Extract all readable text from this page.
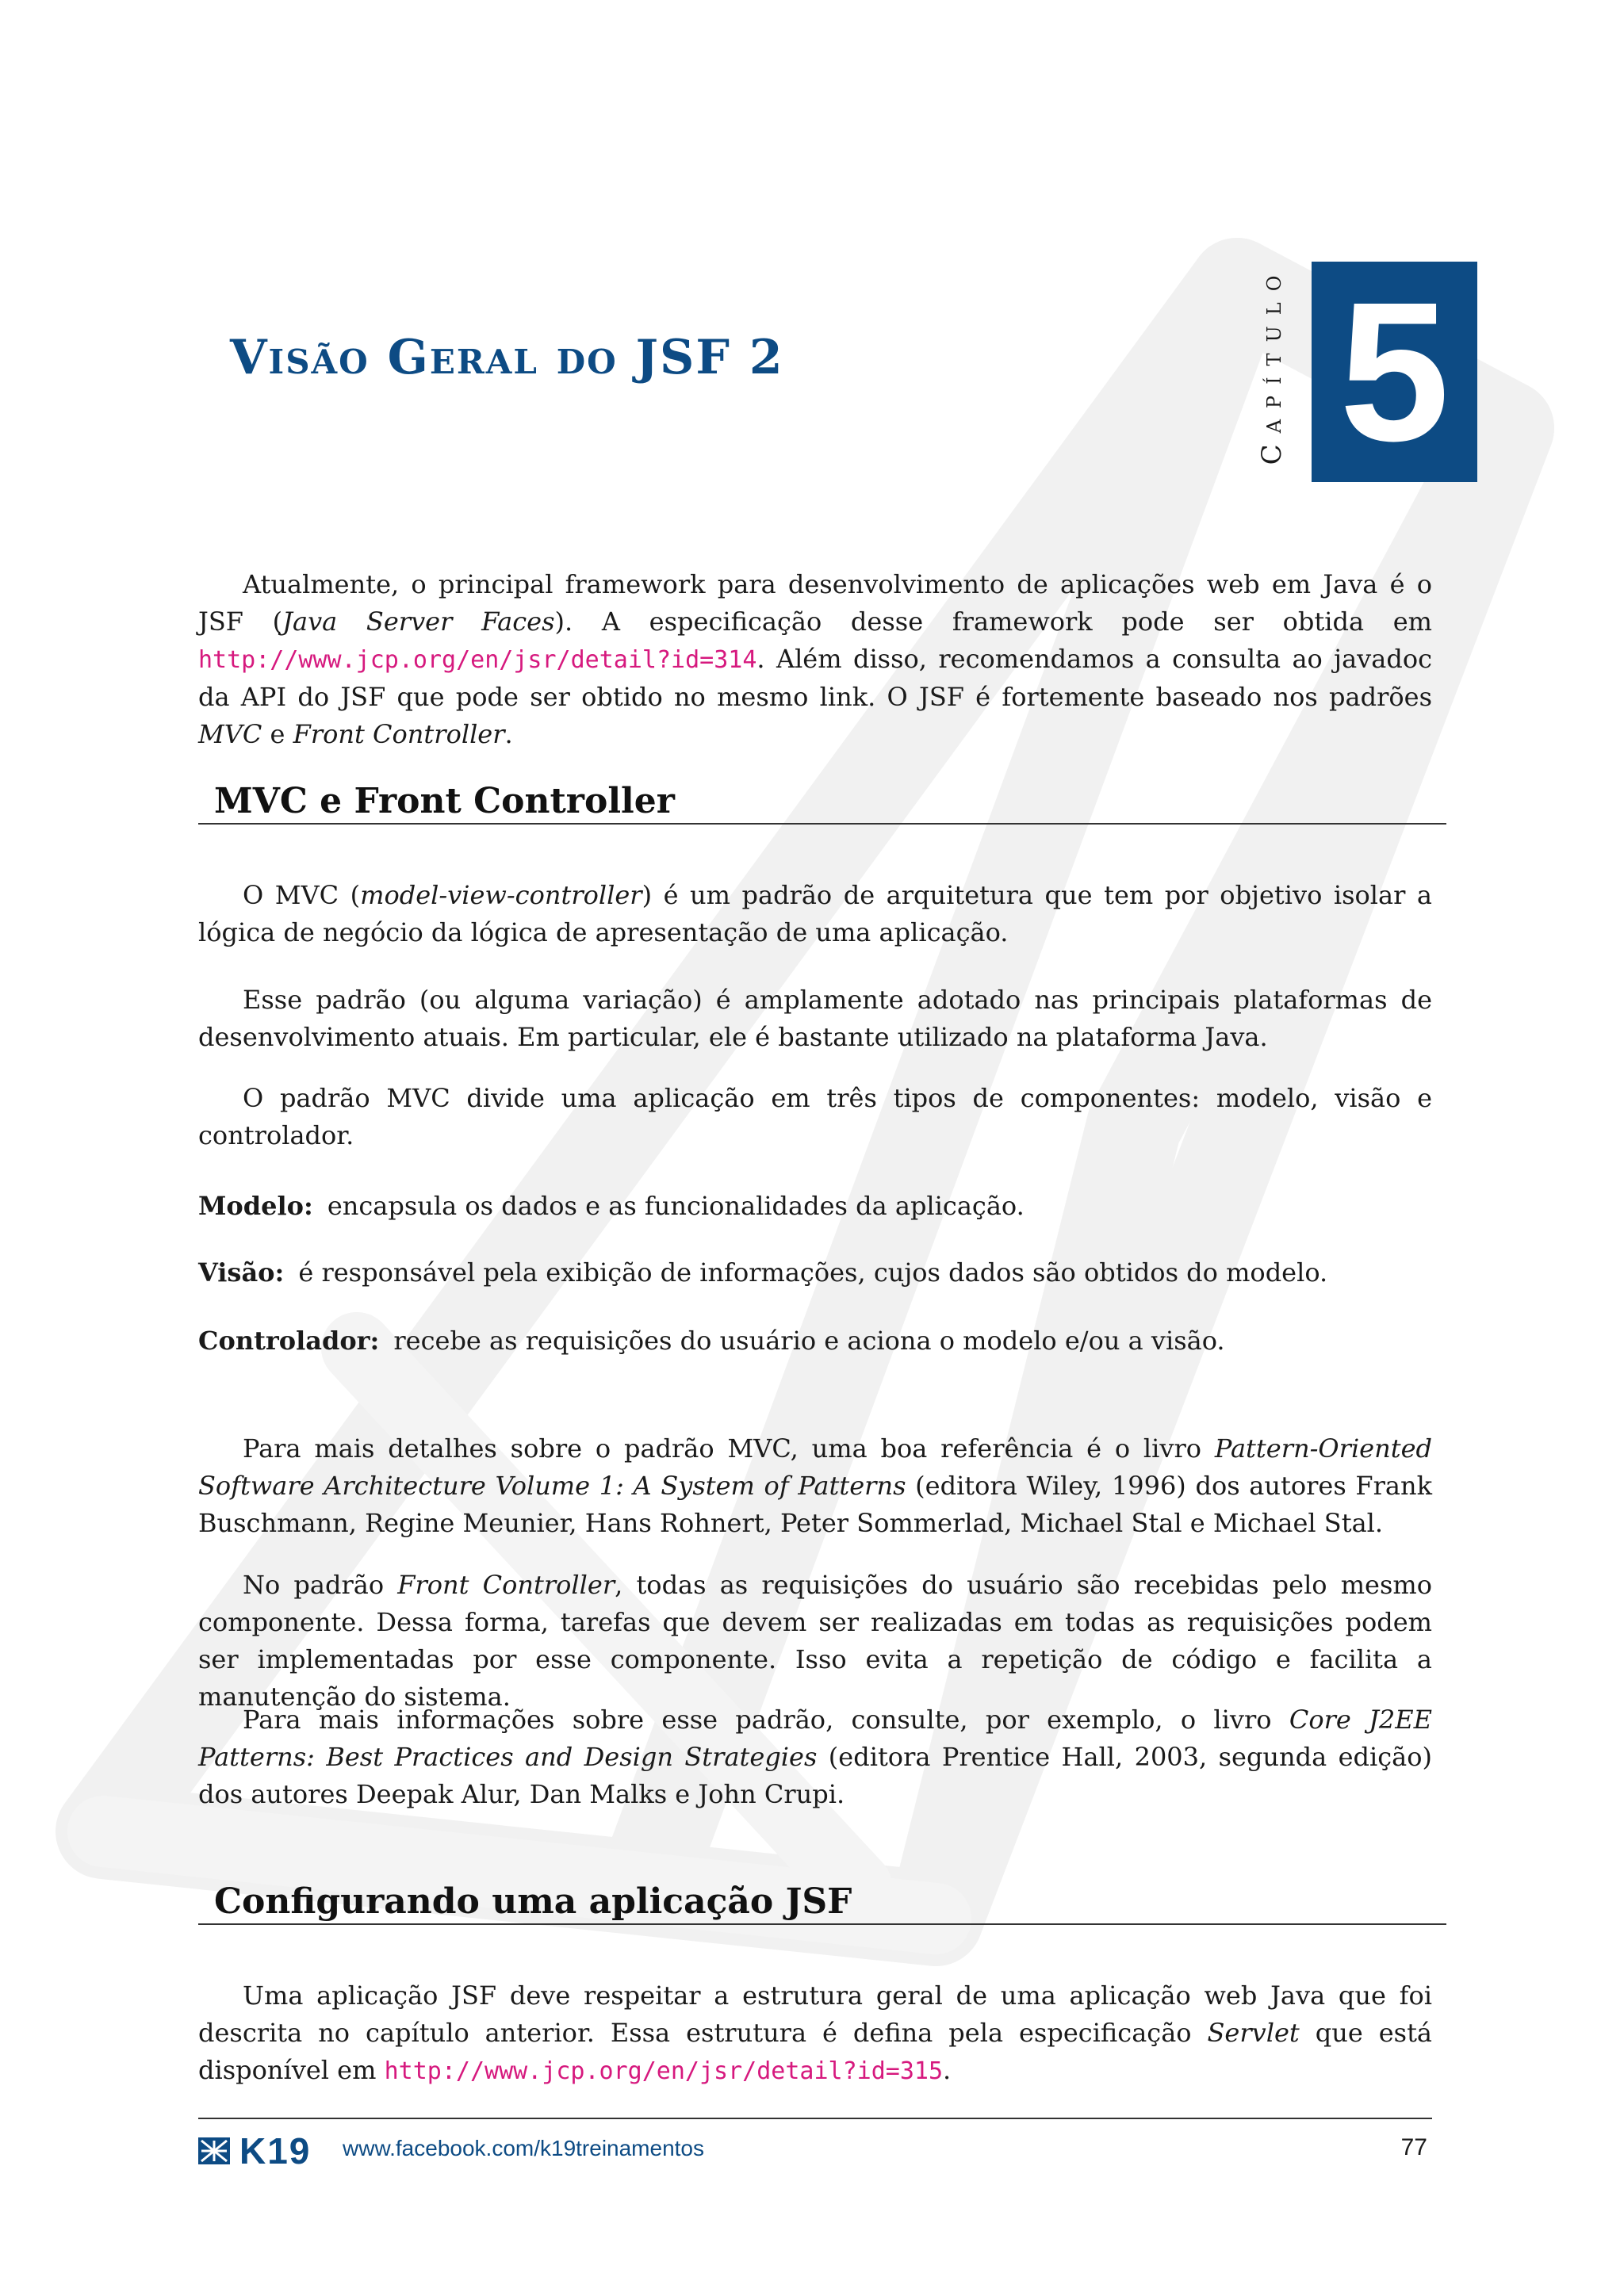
Visão Geral do JSF 2	Capítulo 5

Atualmente, o principal framework para desenvolvimento de aplicações web em Java é o JSF (Java Server Faces). A especificação desse framework pode ser obtida em http://www.jcp.org/en/jsr/detail?id=314. Além disso, recomendamos a consulta ao javadoc da API do JSF que pode ser obtido no mesmo link. O JSF é fortemente baseado nos padrões MVC e Front Controller.

MVC e Front Controller

O MVC (model-view-controller) é um padrão de arquitetura que tem por objetivo isolar a lógica de negócio da lógica de apresentação de uma aplicação.

Esse padrão (ou alguma variação) é amplamente adotado nas principais plataformas de desenvolvimento atuais. Em particular, ele é bastante utilizado na plataforma Java.

O padrão MVC divide uma aplicação em três tipos de componentes: modelo, visão e controlador.

Modelo: encapsula os dados e as funcionalidades da aplicação.

Visão: é responsável pela exibição de informações, cujos dados são obtidos do modelo.

Controlador: recebe as requisições do usuário e aciona o modelo e/ou a visão.

Para mais detalhes sobre o padrão MVC, uma boa referência é o livro Pattern-Oriented Software Architecture Volume 1: A System of Patterns (editora Wiley, 1996) dos autores Frank Buschmann, Regine Meunier, Hans Rohnert, Peter Sommerlad, Michael Stal e Michael Stal.

No padrão Front Controller, todas as requisições do usuário são recebidas pelo mesmo componente. Dessa forma, tarefas que devem ser realizadas em todas as requisições podem ser implementadas por esse componente. Isso evita a repetição de código e facilita a manutenção do sistema.

Para mais informações sobre esse padrão, consulte, por exemplo, o livro Core J2EE Patterns: Best Practices and Design Strategies (editora Prentice Hall, 2003, segunda edição) dos autores Deepak Alur, Dan Malks e John Crupi.

Configurando uma aplicação JSF

Uma aplicação JSF deve respeitar a estrutura geral de uma aplicação web Java que foi descrita no capítulo anterior. Essa estrutura é defina pela especificação Servlet que está disponível em http://www.jcp.org/en/jsr/detail?id=315.

K19 www.facebook.com/k19treinamentos	77
